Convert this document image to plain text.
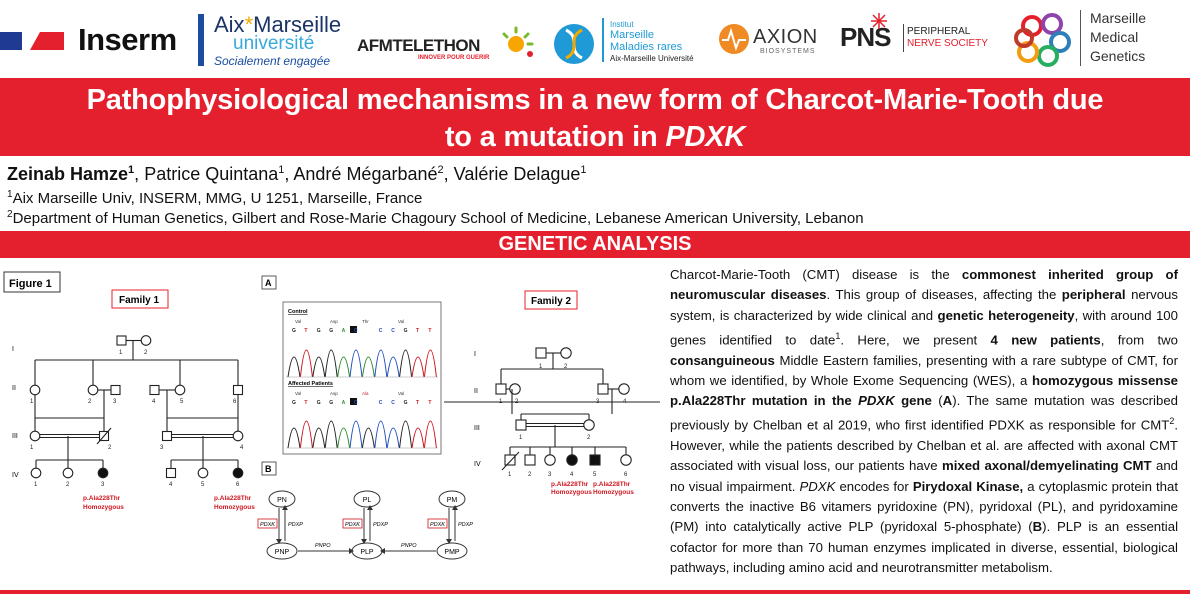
Inserm Aix*Marseille
université
Socialement engagée
AFMTELETHON
INNOVER POUR GUERIR
Institut
Marseille
Maladies rares
Aix-Marseille Université
AXION
BIOSYSTEMS PNS PERIPHERAL
NERVE SOCIETY
Marseille
Medical
Genetics
Pathophysiological mechanisms in a new form of Charcot-Marie-Tooth due
to a mutation in PDXK
Zeinab Hamze$^1$, Patrice Quintana$^1$, André Mégarbané$^2$, Valérie Delague$^1$
$^1$Aix Marseille Univ, INSERM, MMG, U 1251, Marseille, France
$^2$Department of Human Genetics, Gilbert and Rose-Marie Chagoury School of Medicine, Lebanese American University, Lebanon
GENETIC ANALYSIS
Figure 1
Family 1	Family 2
I
II
III
IV
1	2
1	2	3	4	5	6
1	2	3	4
1	2	3	4	5	6
p.Ala228Thr
Homozygous
p.Ala228Thr
Homozygous
A
Control
Affected Patients
Val	Asp	Thr	Val
Val	Asp	Ala	Val
G T G G A C A C C G T T
G T G G A C G C C G T T
B
PN	PL	PM
PNP	PLP	PMP
PDXK PDXP	PDXK PDXP	PDXK PDXP
PNPO	PNPO
I
II
III
IV
1	2
1 2	3	4
1	2
1	2	3	4	5	6
p.Ala228Thr
Homozygous
p.Ala228Thr
Homozygous
Charcot-Marie-Tooth (CMT) disease is the commonest inherited group of neuromuscular diseases. This group of diseases, affecting the peripheral nervous system, is characterized by wide clinical and genetic heterogeneity, with around 100 genes identified to date$^1$. Here, we present 4 new patients, from two consanguineous Middle Eastern families, presenting with a rare subtype of CMT, for whom we identified, by Whole Exome Sequencing (WES), a homozygous missense p.Ala228Thr mutation in the PDXK gene (A). The same mutation was described previously by Chelban et al 2019, who first identified PDXK as responsible for CMT$^2$. However, while the patients described by Chelban et al. are affected with axonal CMT associated with visual loss, our patients have mixed axonal/demyelinating CMT and no visual impairment. PDXK encodes for Pirydoxal Kinase, a cytoplasmic protein that converts the inactive B6 vitamers pyridoxine (PN), pyridoxal (PL), and pyridoxamine (PM) into catalytically active PLP (pyridoxal 5-phosphate) (B). PLP is an essential cofactor for more than 70 human enzymes implicated in diverse, essential, biological pathways, including amino acid and neurotransmitter metabolism.
